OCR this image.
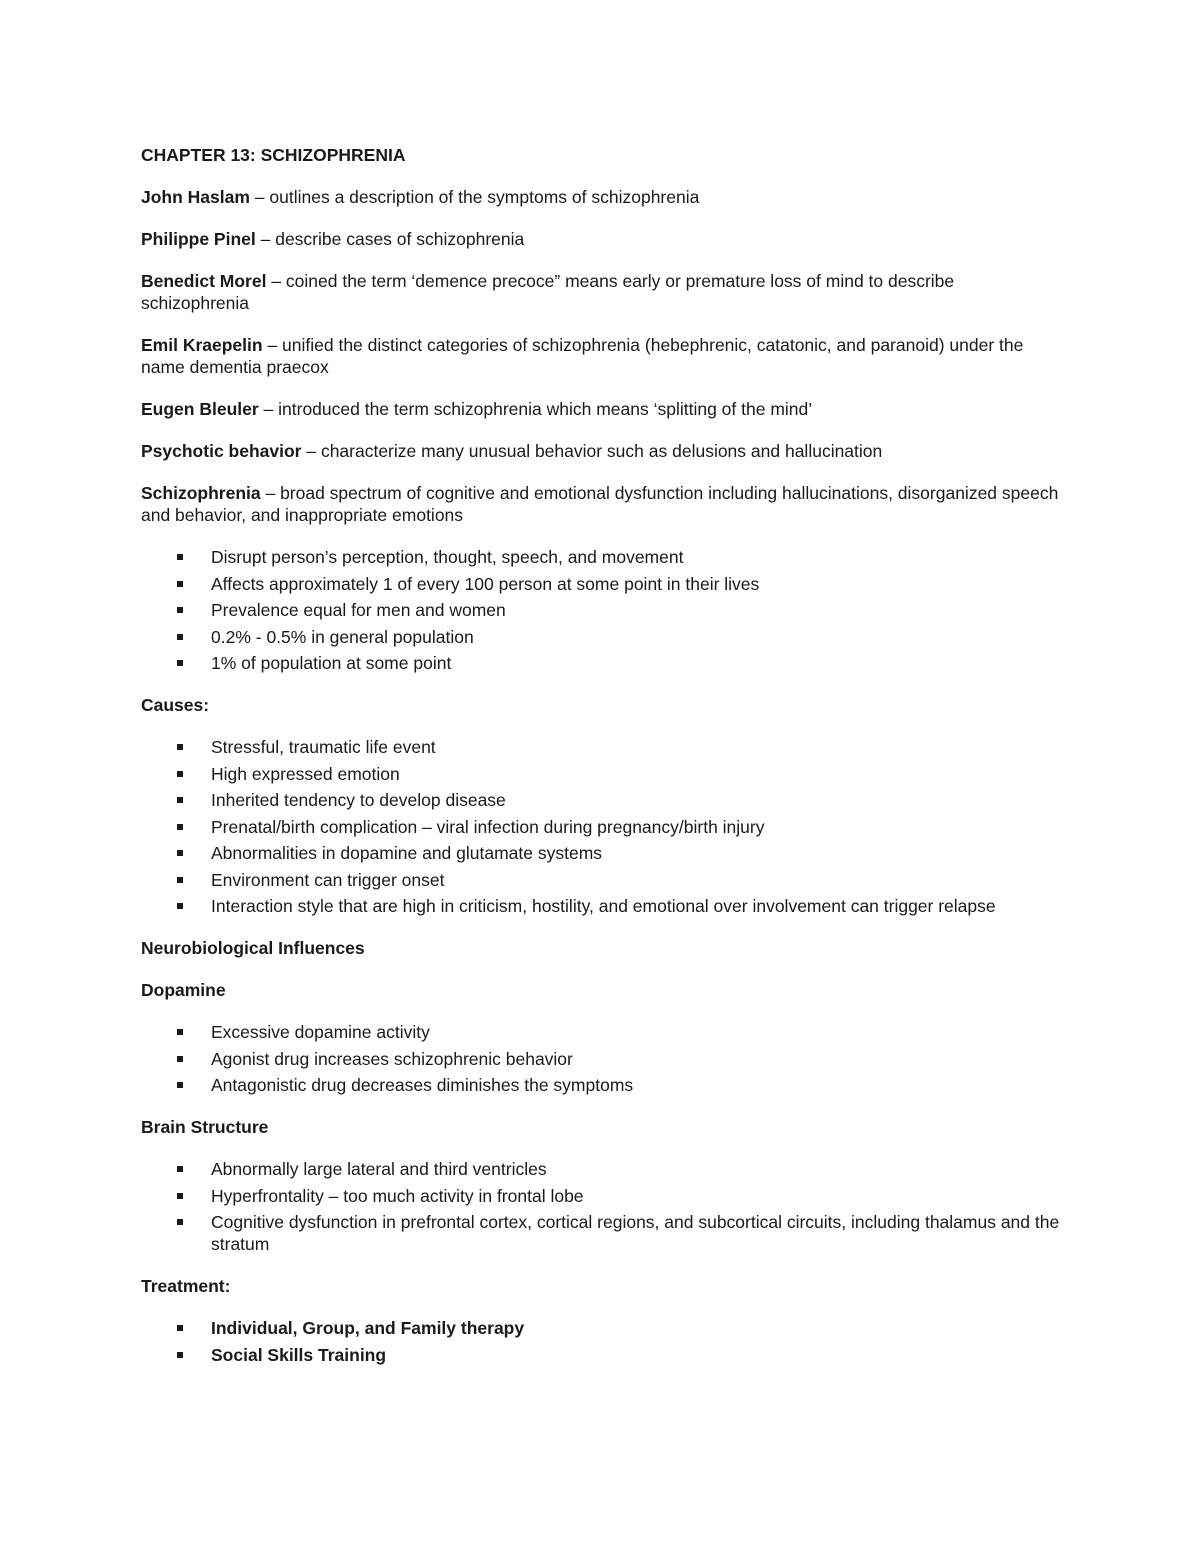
CHAPTER 13: SCHIZOPHRENIA
John Haslam – outlines a description of the symptoms of schizophrenia
Philippe Pinel – describe cases of schizophrenia
Benedict Morel – coined the term ‘demence precoce” means early or premature loss of mind to describe schizophrenia
Emil Kraepelin – unified the distinct categories of schizophrenia (hebephrenic, catatonic, and paranoid) under the name dementia praecox
Eugen Bleuler – introduced the term schizophrenia which means ‘splitting of the mind’
Psychotic behavior – characterize many unusual behavior such as delusions and hallucination
Schizophrenia – broad spectrum of cognitive and emotional dysfunction including hallucinations, disorganized speech and behavior, and inappropriate emotions
Disrupt person’s perception, thought, speech, and movement
Affects approximately 1 of every 100 person at some point in their lives
Prevalence equal for men and women
0.2% - 0.5% in general population
1% of population at some point
Causes:
Stressful, traumatic life event
High expressed emotion
Inherited tendency to develop disease
Prenatal/birth complication – viral infection during pregnancy/birth injury
Abnormalities in dopamine and glutamate systems
Environment can trigger onset
Interaction style that are high in criticism, hostility, and emotional over involvement can trigger relapse
Neurobiological Influences
Dopamine
Excessive dopamine activity
Agonist drug increases schizophrenic behavior
Antagonistic drug decreases diminishes the symptoms
Brain Structure
Abnormally large lateral and third ventricles
Hyperfrontality – too much activity in frontal lobe
Cognitive dysfunction in prefrontal cortex, cortical regions, and subcortical circuits, including thalamus and the stratum
Treatment:
Individual, Group, and Family therapy
Social Skills Training
